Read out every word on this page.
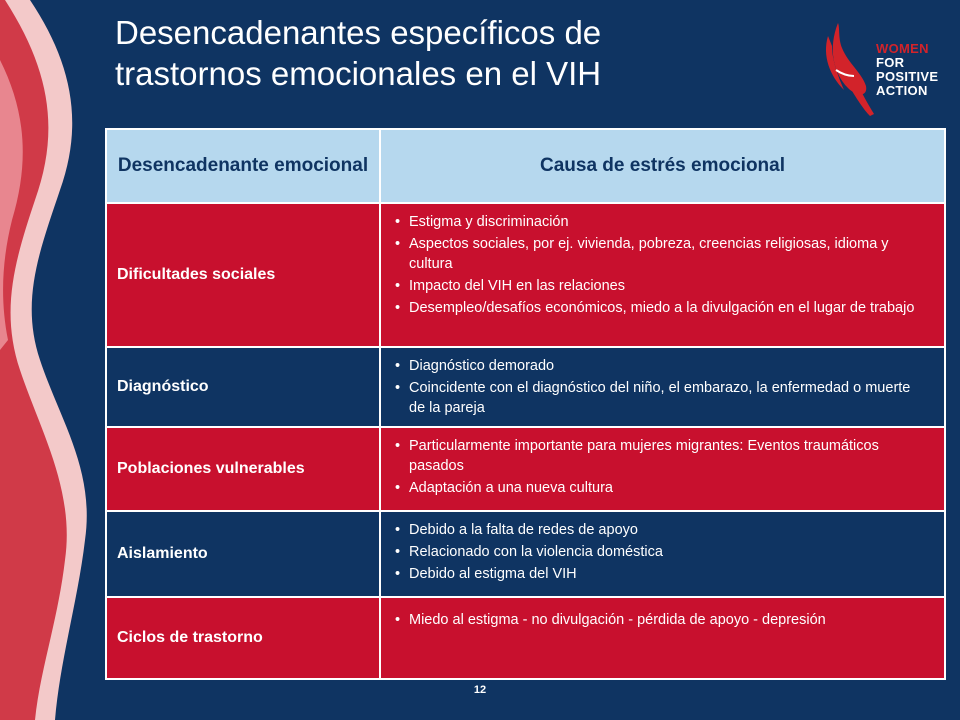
Desencadenantes específicos de trastornos emocionales en el VIH
WOMEN
FOR
POSITIVE
ACTION
Desencadenante emocional	Causa de estrés emocional
Dificultades sociales
• Estigma y discriminación
• Aspectos sociales, por ej. vivienda, pobreza, creencias religiosas, idioma y cultura
• Impacto del VIH en las relaciones
• Desempleo/desafíos económicos, miedo a la divulgación en el lugar de trabajo
Diagnóstico
• Diagnóstico demorado
• Coincidente con el diagnóstico del niño, el embarazo, la enfermedad o muerte de la pareja
Poblaciones vulnerables
• Particularmente importante para mujeres migrantes: Eventos traumáticos pasados
• Adaptación a una nueva cultura
Aislamiento
• Debido a la falta de redes de apoyo
• Relacionado con la violencia doméstica
• Debido al estigma del VIH
Ciclos de trastorno
• Miedo al estigma - no divulgación - pérdida de apoyo - depresión
12
